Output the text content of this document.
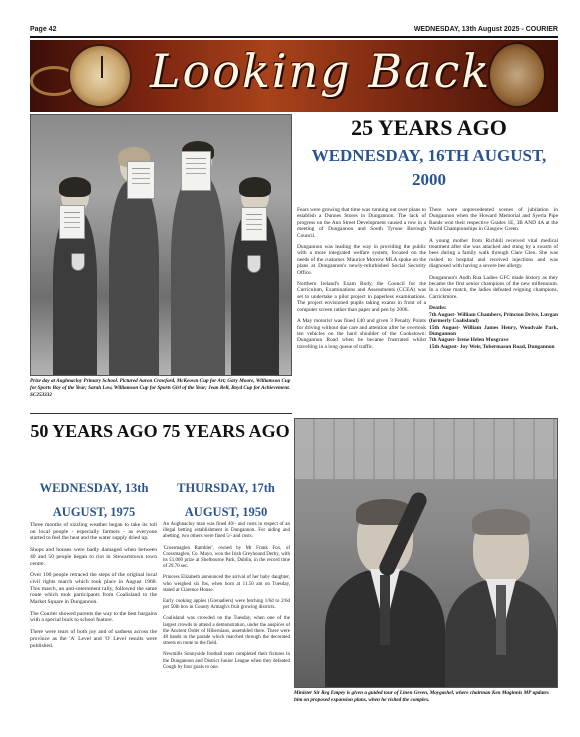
Page 42	WEDNESDAY, 13th August 2025 - COURIER
Looking Back
Prize day at Aughnacloy Primary School. Pictured Aaron Crawford, McKeown Cup for Art; Gary Moore, Williamson Cup for Sports Boy of the Year; Sarah Low, Williamson Cup for Sports Girl of the Year; Jean Bell, Boyd Cup for Achievement. SC253332
25 YEARS AGO
WEDNESDAY, 16TH AUGUST, 2000

Fears were growing that time was running out over plans to establish a Dunnes Stores in Dungannon. The lack of progress on the Ann Street Development caused a row in a meeting of Dungannon and South Tyrone Borough Council.

Dungannon was leading the way in providing the public with a more integrated welfare system, focused on the needs of the customer. Maurice Morrow MLA spoke on the plans at Dungannon's newly-refurbished Social Security Office.

Northern Ireland's Exam Body, the Council for the Curriculum, Examinations and Assessments (CCEA) was set to undertake a pilot project in paperless examinations. The project envisioned pupils taking exams in front of a computer screen rather than paper and pen by 2006.

A May motorist was fined £40 and given 3 Penalty Points for driving without due care and attention after he overtook ten vehicles on the hard shoulder of the Cookstown: Dungannon Road when he became frustrated whilst travelling in a long queue of traffic.

There were unprecedented scenes of jubilation in Dungannon when the Howard Memorial and Syerla Pipe Bands won their respective Grades 1E, 3B AND 4A at the World Championships in Glasgow Green.

A young mother from Richhill received vital medical treatment after she was attacked and stung by a swarm of bees during a family walk through Clare Glen. She was rushed to hospital and received injections and was diagnosed with having a severe bee allergy.

Dungannon's Aodh Rua Ladies GFC made history as they became the first senior champions of the new millennium. In a close match, the ladies defeated reigning champions, Carrickmore.

Deaths:
7th August- William Chambers, Princton Drive, Lurgan (formerly Coalisland)
15th August- William James Henry, Woodvale Park, Dungannon
7th August- Irene Helen Musgrave
15th August- Joy Weir, Tobermason Road, Dungannon
50 YEARS AGO
WEDNESDAY, 13th AUGUST, 1975

Three months of sizzling weather began to take its toll on local people - especially farmers - as everyone started to feel the heat and the water supply dried up.

Shops and houses were badly damaged when between 40 and 50 people began to riot in Stewartstown town centre.

Over 100 people retraced the steps of the original local civil rights march which took place in August 1968. This march, an anti-internment rally, followed the same route which took participants from Coalisland to the Market Square in Dungannon.

The Courier showed parents the way to the best bargains with a special buck to school feature.

There were tears of both joy and of sadness across the province as the 'A' Level and 'O' Level results were published.

75 YEARS AGO
THURSDAY, 17th AUGUST, 1950

An Aughnacloy man was fined 40/- and costs in respect of an illegal betting establishment in Dungannon. For aiding and abetting, two others were fined 5/- and costs.

'Crossmaglen Rambler', owned by Mr Frank Fox, of Crossmaglen, Co. Mayo, won the Irish Greyhound Derby, with its £1,000 prize at Shelbourne Park, Dublin, in the record time of 29.70 sec.

Princess Elizabeth announced the arrival of her baby daughter, who weighed six lbs, when born at 11.50 am on Tuesday, stated at Clarence House.

Early cooking apples (Grenadiers) were fetching 1/6d to 2/6d per 50lb box in County Armagh's fruit growing districts.

Coalisland was crowded on the Tuesday, when one of the largest crowds to attend a demonstration, under the auspices of the Ancient Order of Hibernians, assembled there. There were 48 bands in the parade which marched through the decorated streets en route to the field.

Newmills Sunnyside football team completed their fixtures in the Dungannon and District Junior League when they defeated Cough by four goals to one.

Minister Sir Reg Empey is given a guided tour of Linen Green, Moygashel, where chairman Ken Maginnis MP updates him on proposed expansion plans, when he visited the complex.
